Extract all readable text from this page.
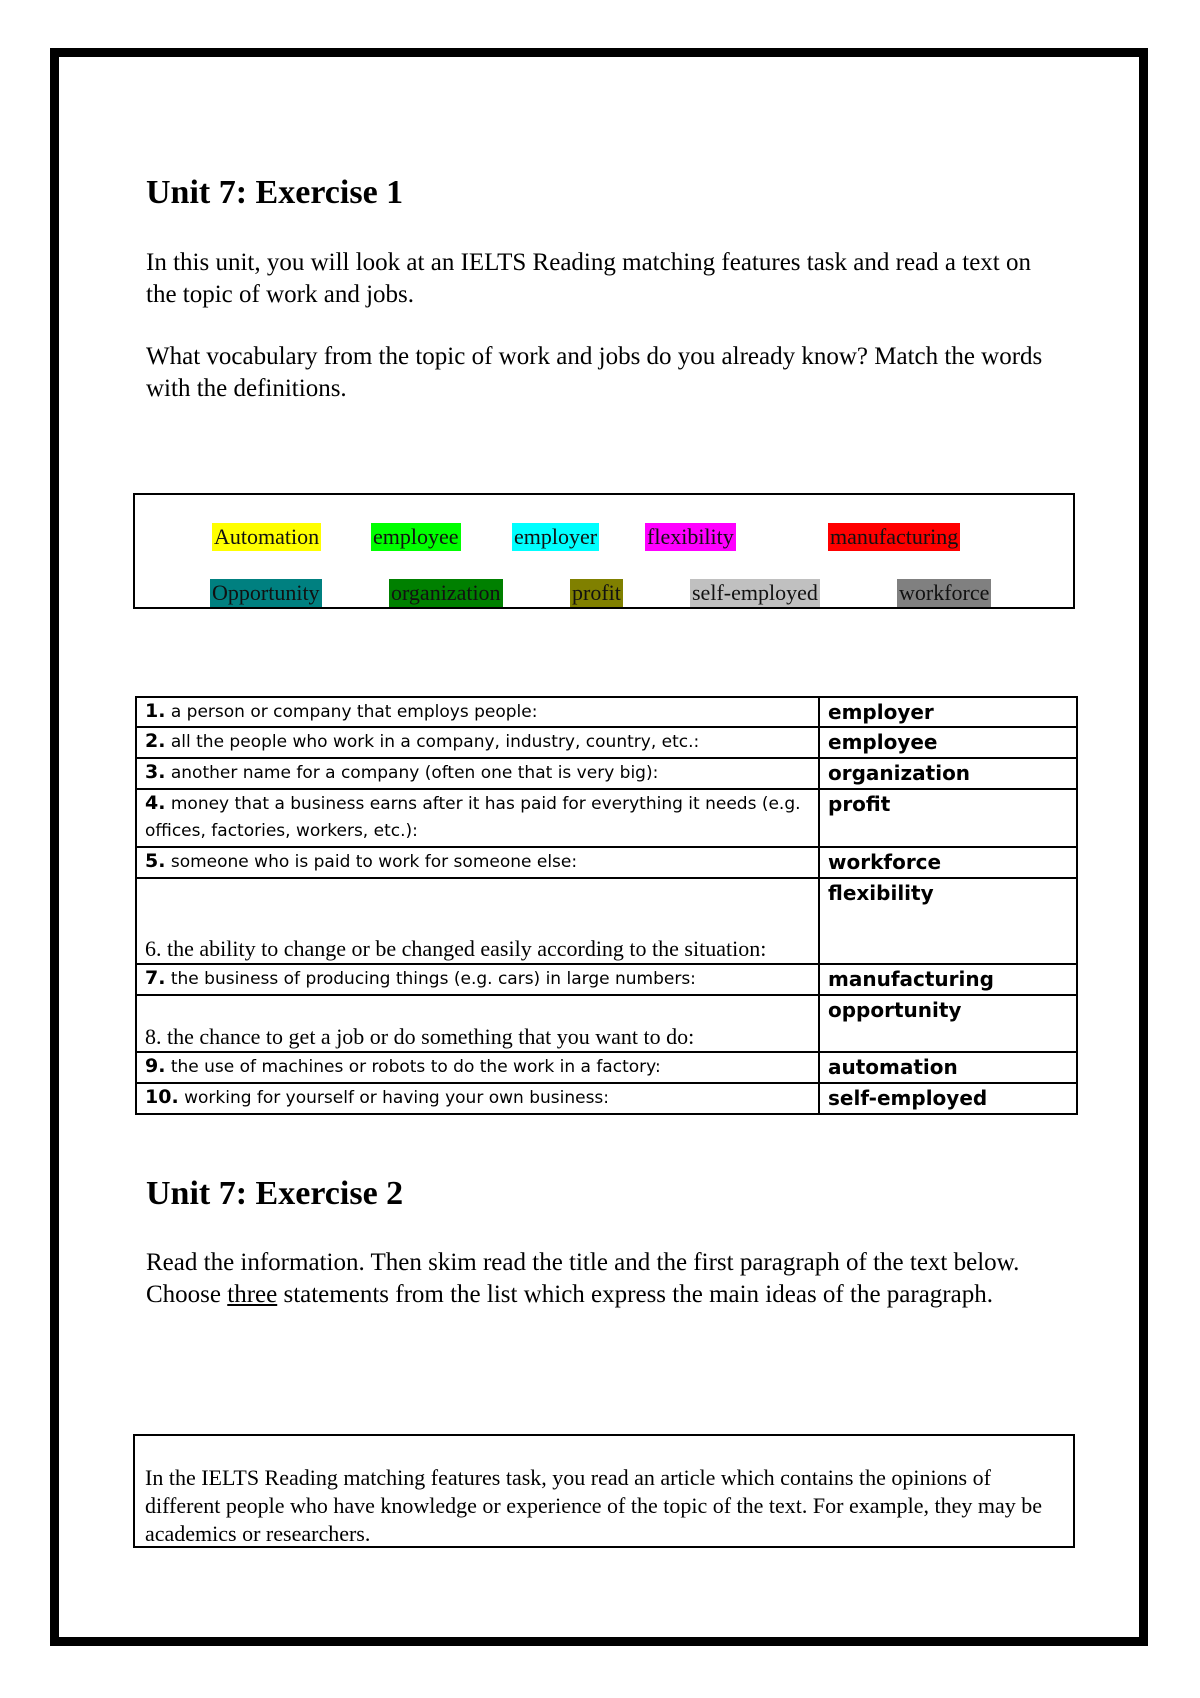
Unit 7: Exercise 1

In this unit, you will look at an IELTS Reading matching features task and read a text on the topic of work and jobs.

What vocabulary from the topic of work and jobs do you already know? Match the words with the definitions.

Automation employee	employer flexibility	manufacturing
Opportunity	organization	profit	self-employed	workforce
1. a person or company that employs people:	employer
2. all the people who work in a company, industry, country, etc.:	employee
3. another name for a company (often one that is very big):	organization
4. money that a business earns after it has paid for everything it needs (e.g. offices, factories, workers, etc.):	profit
5. someone who is paid to work for someone else:	workforce
6. the ability to change or be changed easily according to the situation:	flexibility
7. the business of producing things (e.g. cars) in large numbers:	manufacturing
8. the chance to get a job or do something that you want to do:	opportunity
9. the use of machines or robots to do the work in a factory:	automation
10. working for yourself or having your own business:	self-employed
Unit 7: Exercise 2

Read the information. Then skim read the title and the first paragraph of the text below. Choose three statements from the list which express the main ideas of the paragraph.

In the IELTS Reading matching features task, you read an article which contains the opinions of different people who have knowledge or experience of the topic of the text. For example, they may be academics or researchers.
